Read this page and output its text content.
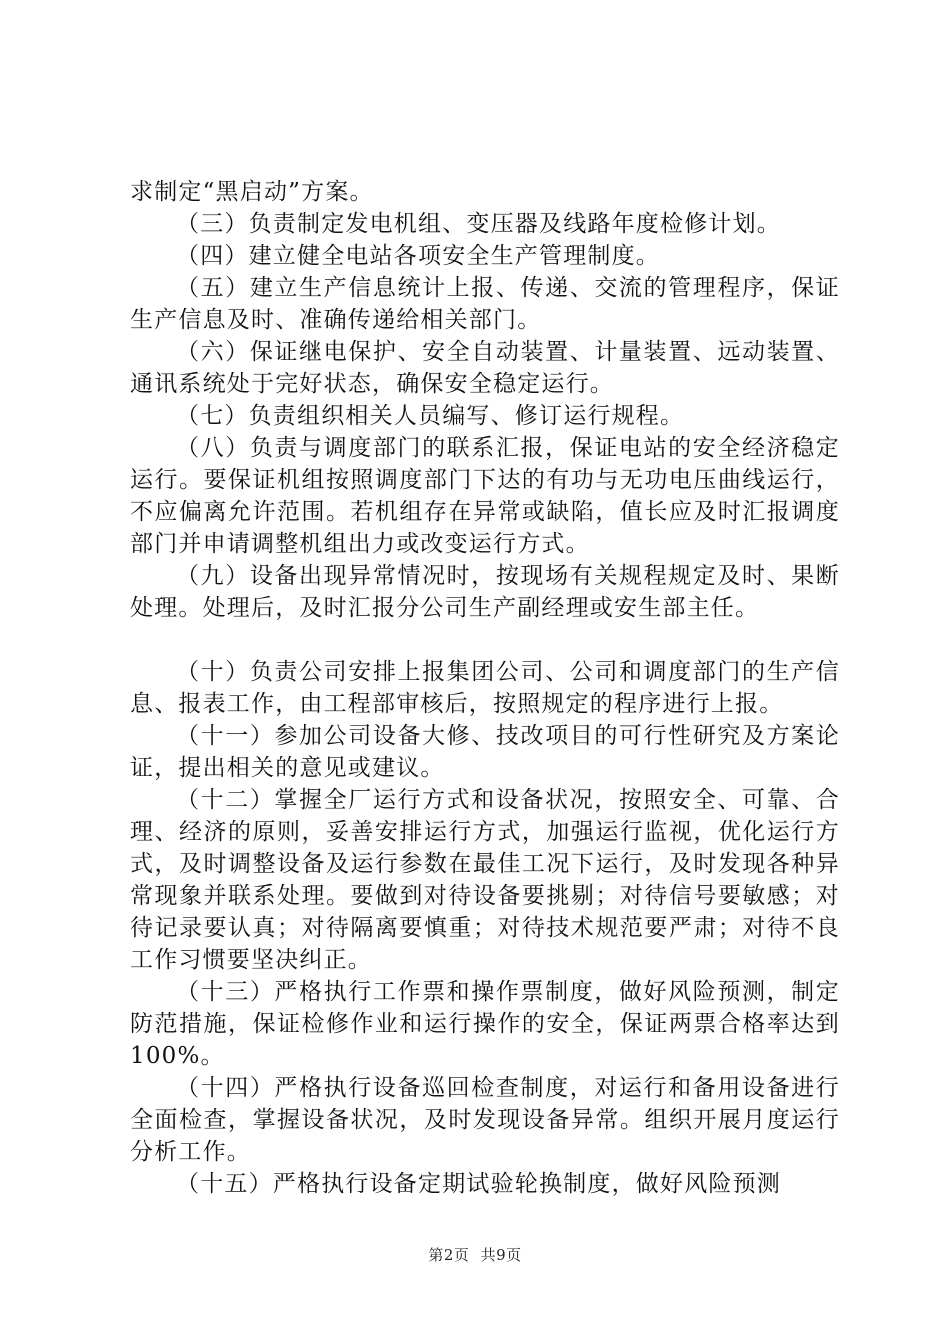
求制定“黑启动”方案。

（三）负责制定发电机组、变压器及线路年度检修计划。

（四）建立健全电站各项安全生产管理制度。

（五）建立生产信息统计上报、传递、交流的管理程序，保证生产信息及时、准确传递给相关部门。

（六）保证继电保护、安全自动装置、计量装置、远动装置、通讯系统处于完好状态，确保安全稳定运行。

（七）负责组织相关人员编写、修订运行规程。

（八）负责与调度部门的联系汇报，保证电站的安全经济稳定运行。要保证机组按照调度部门下达的有功与无功电压曲线运行，不应偏离允许范围。若机组存在异常或缺陷，值长应及时汇报调度部门并申请调整机组出力或改变运行方式。

（九）设备出现异常情况时，按现场有关规程规定及时、果断处理。处理后，及时汇报分公司生产副经理或安生部主任。

（十）负责公司安排上报集团公司、公司和调度部门的生产信息、报表工作，由工程部审核后，按照规定的程序进行上报。

（十一）参加公司设备大修、技改项目的可行性研究及方案论证，提出相关的意见或建议。

（十二）掌握全厂运行方式和设备状况，按照安全、可靠、合理、经济的原则，妥善安排运行方式，加强运行监视，优化运行方式，及时调整设备及运行参数在最佳工况下运行，及时发现各种异常现象并联系处理。要做到对待设备要挑剔；对待信号要敏感；对待记录要认真；对待隔离要慎重；对待技术规范要严肃；对待不良工作习惯要坚决纠正。

（十三）严格执行工作票和操作票制度，做好风险预测，制定防范措施，保证检修作业和运行操作的安全，保证两票合格率达到100%。

（十四）严格执行设备巡回检查制度，对运行和备用设备进行全面检查，掌握设备状况，及时发现设备异常。组织开展月度运行分析工作。

（十五）严格执行设备定期试验轮换制度，做好风险预测

第2页 共9页
